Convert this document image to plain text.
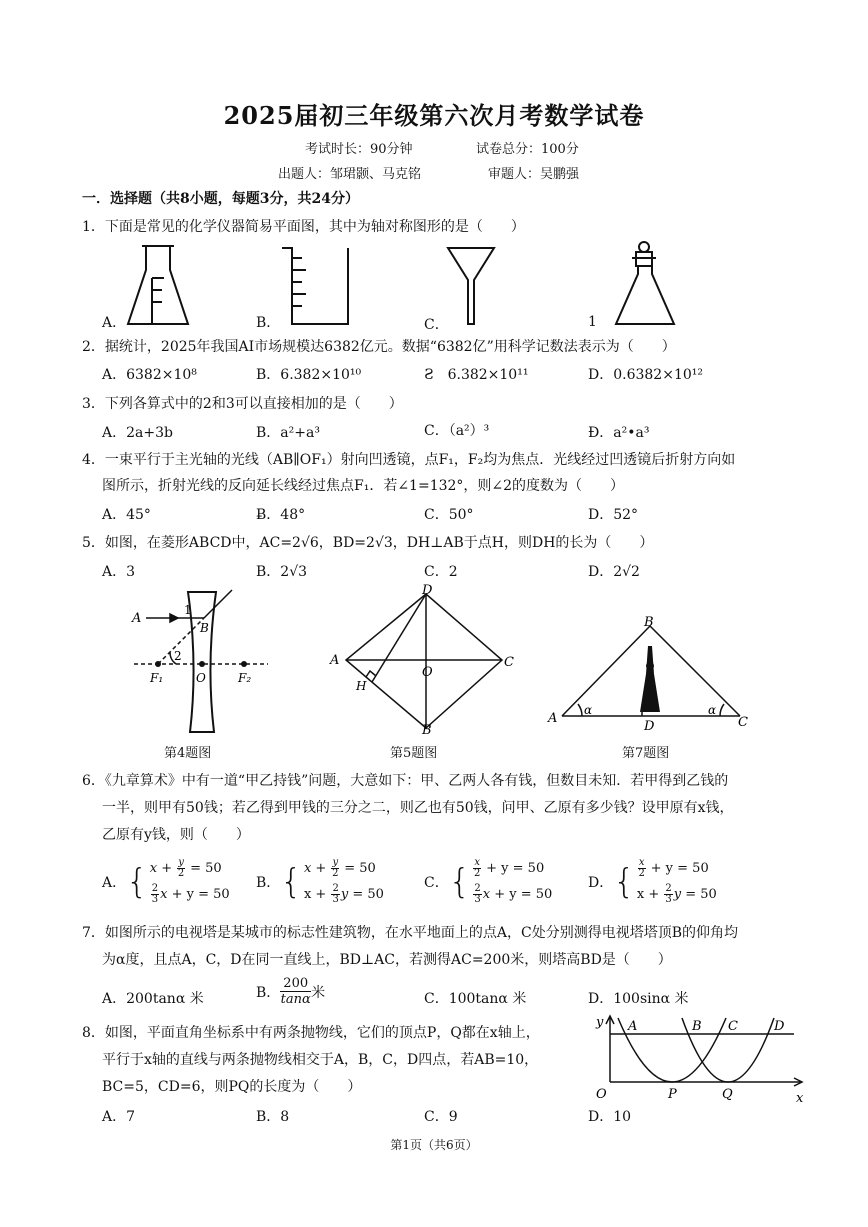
2025届初三年级第六次月考数学试卷
考试时长：90分钟	试卷总分：100分
出题人：邹珺颢、马克铭	审题人：吴鹏强
一．选择题（共8小题，每题3分，共24分）
1．下面是常见的化学仪器简易平面图，其中为轴对称图形的是（　　）
A．	B．	C．	1
2．据统计，2025年我国AI市场规模达6382亿元。数据“6382亿”用科学记数法表示为（　　）
A．6382×10⁸	B．6.382×10¹⁰	Ƨ　6.382×10¹¹	D．0.6382×10¹²
3．下列各算式中的2和3可以直接相加的是（　　）
A．2a+3b	B．a²+a³	C．（a²）³	Ð．a²•a³
4．一束平行于主光轴的光线（AB∥OF₁）射向凹透镜，点F₁，F₂均为焦点．光线经过凹透镜后折射方向如
图所示，折射光线的反向延长线经过焦点F₁．若∠1=132°，则∠2的度数为（　　）
A．45°	Ƀ．48°	C．50°	D．52°
5．如图，在菱形ABCD中，AC=2√6，BD=2√3，DH⊥AB于点H，则DH的长为（　　）
A．3	B．2√3	C．2	D．2√2
A
B
1
2
F₁	O	F₂
第4题图
D
A	C
B
O
H
第5题图
B
A
D	C
α	α
第7题图
6．《九章算术》中有一道“甲乙持钱”问题，大意如下：甲、乙两人各有钱，但数目未知．若甲得到乙钱的
一半，则甲有50钱；若乙得到甲钱的三分之二，则乙也有50钱，问甲、乙原有多少钱？设甲原有x钱，
乙原有y钱，则（　　）
A． { $x + \frac{y}{2} = 50$
$\frac{2}{3}$ x + y = 50
B． { $x + \frac{y}{2} = 50$
$x + \frac{2}{3}$ y = 50
C． { $\frac{x}{2} + y = 50$
$\frac{2}{3}$ x + y = 50
D． { $\frac{x}{2} + y = 50$
$x + \frac{2}{3}$ y = 50
7．如图所示的电视塔是某城市的标志性建筑物，在水平地面上的点A，C处分别测得电视塔塔顶B的仰角均
为α度，且点A，C，D在同一直线上，BD⊥AC，若测得AC=200米，则塔高BD是（　　）
A．200tanα 米	B．
200
tanα 米	C．100tanα 米	D．100sinα 米
8．如图，平面直角坐标系中有两条抛物线，它们的顶点P，Q都在x轴上，
平行于x轴的直线与两条抛物线相交于A，B，C，D四点，若AB=10，
BC=5，CD=6，则PQ的长度为（　　）
A．7	B．8	C．9	D．10
y A	B C	D
O	P	Q	x
第1页（共6页）
